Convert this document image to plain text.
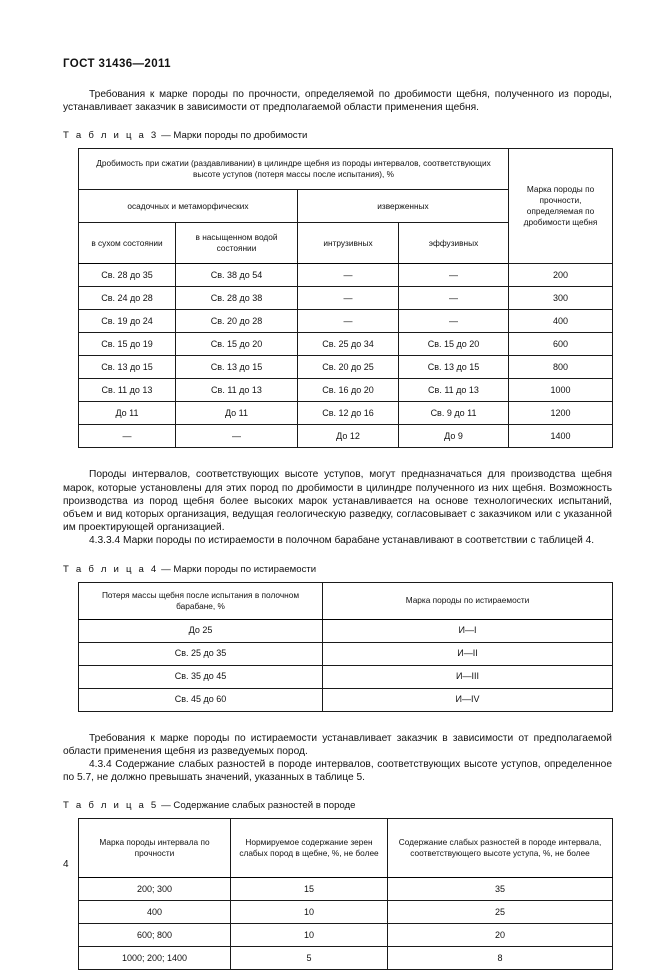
ГОСТ 31436—2011

Требования к марке породы по прочности, определяемой по дробимости щебня, полученного из породы, устанавливает заказчик в зависимости от предполагаемой области применения щебня.

Т а б л и ц а 3 — Марки породы по дробимости
Дробимость при сжатии (раздавливании) в цилиндре щебня из породы интервалов, соответствующих высоте уступов (потеря массы после испытания), %				Марка породы по прочности, определяемая по дробимости щебня
осадочных и метаморфических		изверженных		
в сухом состоянии	в насыщенном водой состоянии	интрузивных	эффузивных	
Св. 28 до 35	Св. 38 до 54	—	—	200
Св. 24 до 28	Св. 28 до 38	—	—	300
Св. 19 до 24	Св. 20 до 28	—	—	400
Св. 15 до 19	Св. 15 до 20	Св. 25 до 34	Св. 15 до 20	600
Св. 13 до 15	Св. 13 до 15	Св. 20 до 25	Св. 13 до 15	800
Св. 11 до 13	Св. 11 до 13	Св. 16 до 20	Св. 11 до 13	1000
До 11	До 11	Св. 12 до 16	Св. 9 до 11	1200
—	—	До 12	До 9	1400

Породы интервалов, соответствующих высоте уступов, могут предназначаться для производства щебня марок, которые установлены для этих пород по дробимости в цилиндре полученного из них щебня. Возможность производства из пород щебня более высоких марок устанавливается на основе технологических испытаний, объем и вид которых организация, ведущая геологическую разведку, согласовывает с заказчиком или с указанной им проектирующей организацией.

4.3.3.4 Марки породы по истираемости в полочном барабане устанавливают в соответствии с таблицей 4.

Т а б л и ц а 4 — Марки породы по истираемости
Потеря массы щебня после испытания в полочном барабане, %	Марка породы по истираемости
До 25	И—I
Св. 25 до 35	И—II
Св. 35 до 45	И—III
Св. 45 до 60	И—IV

Требования к марке породы по истираемости устанавливает заказчик в зависимости от предполагаемой области применения щебня из разведуемых пород.

4.3.4 Содержание слабых разностей в породе интервалов, соответствующих высоте уступов, определенное по 5.7, не должно превышать значений, указанных в таблице 5.

Т а б л и ц а 5 — Содержание слабых разностей в породе
Марка породы интервала по прочности	Нормируемое содержание зерен слабых пород в щебне, %, не более	Содержание слабых разностей в породе интервала, соответствующего высоте уступа, %, не более
200; 300	15	35
400	10	25
600; 800	10	20
1000; 200; 1400	5	8
4
